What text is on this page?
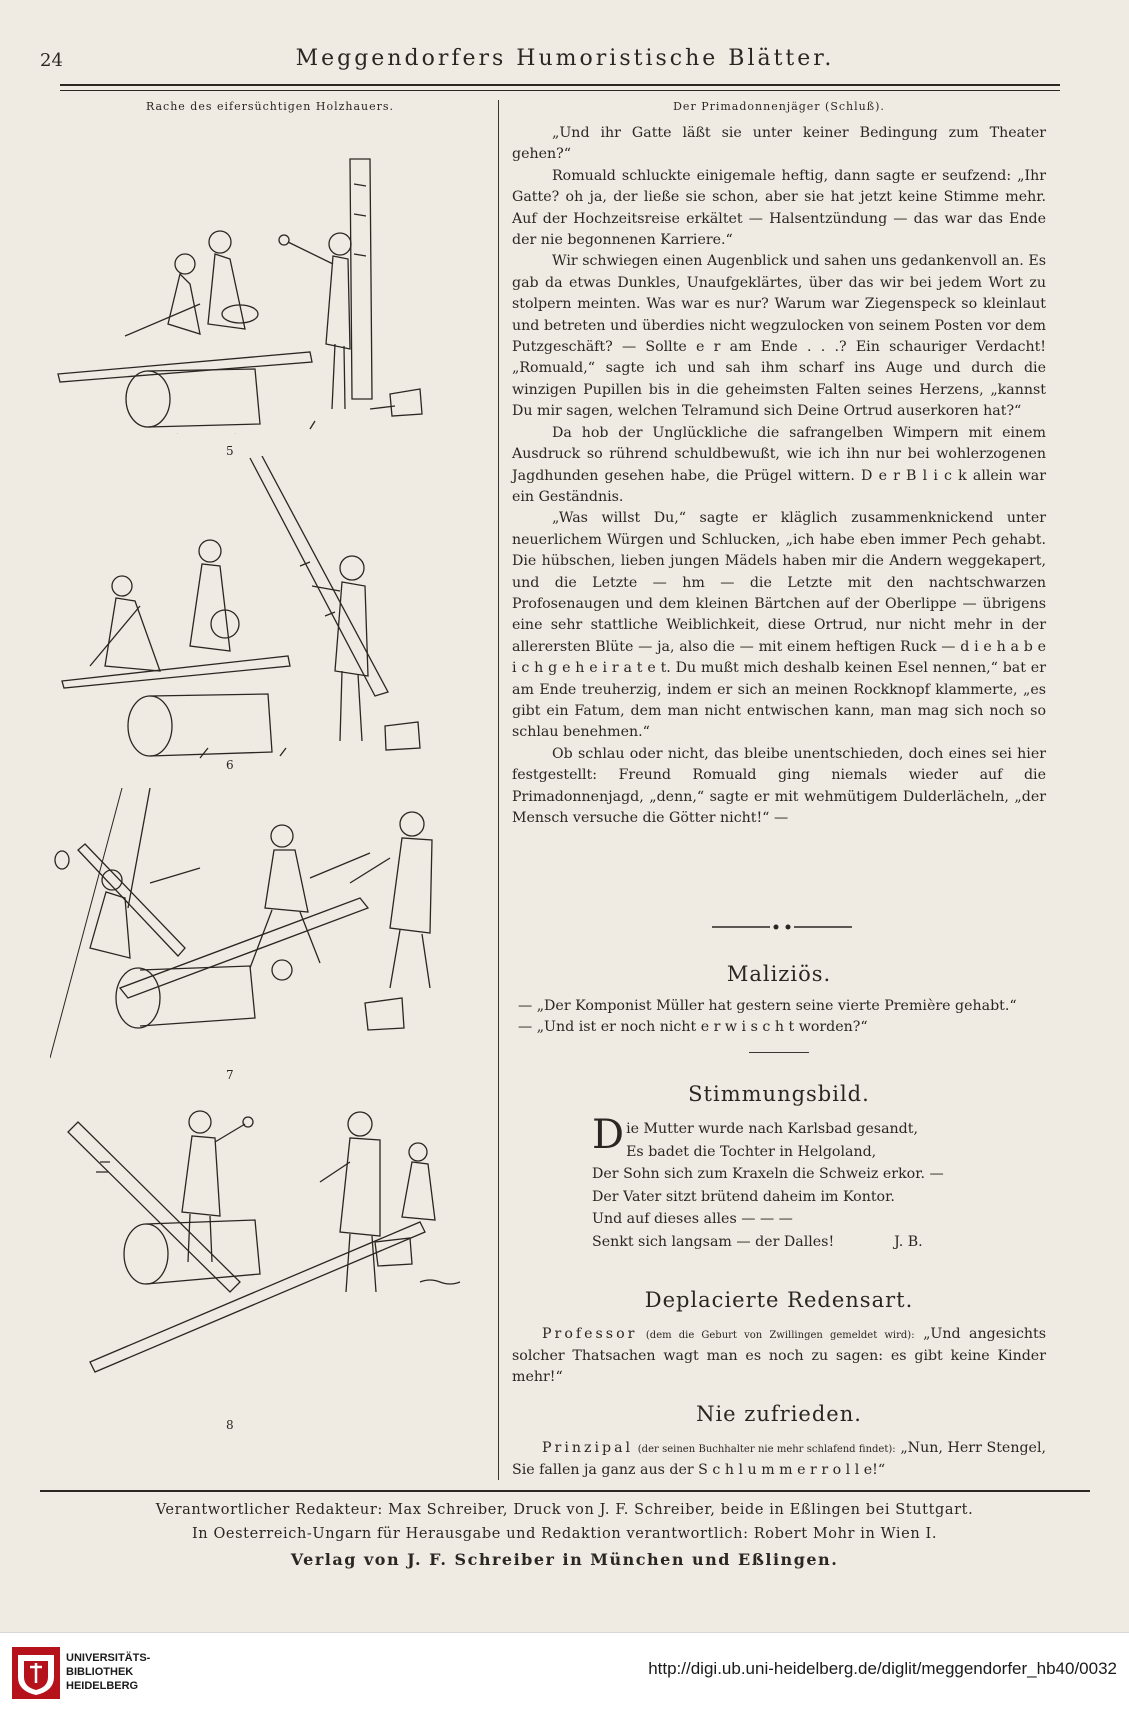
24	Meggendorfers Humoristische Blätter.
Rache des eifersüchtigen Holzhauers.
5
6
7
8
Der Primadonnenjäger (Schluß).

„Und ihr Gatte läßt sie unter keiner Bedingung zum Theater gehen?“

Romuald schluckte einigemale heftig, dann sagte er seufzend: „Ihr Gatte? oh ja, der ließe sie schon, aber sie hat jetzt keine Stimme mehr. Auf der Hochzeitsreise erkältet — Halsentzündung — das war das Ende der nie begonnenen Karriere.“

Wir schwiegen einen Augenblick und sahen uns gedankenvoll an. Es gab da etwas Dunkles, Unaufgeklärtes, über das wir bei jedem Wort zu stolpern meinten. Was war es nur? Warum war Ziegenspeck so kleinlaut und betreten und überdies nicht wegzulocken von seinem Posten vor dem Putzgeschäft? — Sollte e r am Ende . . .? Ein schauriger Verdacht! „Romuald,“ sagte ich und sah ihm scharf ins Auge und durch die winzigen Pupillen bis in die geheimsten Falten seines Herzens, „kannst Du mir sagen, welchen Telramund sich Deine Ortrud auserkoren hat?“

Da hob der Unglückliche die safrangelben Wimpern mit einem Ausdruck so rührend schuldbewußt, wie ich ihn nur bei wohlerzogenen Jagdhunden gesehen habe, die Prügel wittern. D e r B l i c k allein war ein Geständnis.

„Was willst Du,“ sagte er kläglich zusammenknickend unter neuerlichem Würgen und Schlucken, „ich habe eben immer Pech gehabt. Die hübschen, lieben jungen Mädels haben mir die Andern weggekapert, und die Letzte — hm — die Letzte mit den nachtschwarzen Profosenaugen und dem kleinen Bärtchen auf der Oberlippe — übrigens eine sehr stattliche Weiblichkeit, diese Ortrud, nur nicht mehr in der allerersten Blüte — ja, also die — mit einem heftigen Ruck — d i e h a b e i c h g e h e i r a t e t. Du mußt mich deshalb keinen Esel nennen,“ bat er am Ende treuherzig, indem er sich an meinen Rockknopf klammerte, „es gibt ein Fatum, dem man nicht entwischen kann, man mag sich noch so schlau benehmen.“

Ob schlau oder nicht, das bleibe unentschieden, doch eines sei hier festgestellt: Freund Romuald ging niemals wieder auf die Primadonnenjagd, „denn,“ sagte er mit wehmütigem Dulderlächeln, „der Mensch versuche die Götter nicht!“ —

Maliziös.
— „Der Komponist Müller hat gestern seine vierte Première gehabt.“
— „Und ist er noch nicht e r w i s c h t worden?“
Stimmungsbild.
Die Mutter wurde nach Karlsbad gesandt,
Es badet die Tochter in Helgoland,
Der Sohn sich zum Kraxeln die Schweiz erkor. —
Der Vater sitzt brütend daheim im Kontor.
Und auf dieses alles — — —
Senkt sich langsam — der Dalles!	J. B.
Deplacierte Redensart.
Professor (dem die Geburt von Zwillingen gemeldet wird): „Und angesichts solcher Thatsachen wagt man es noch zu sagen: es gibt keine Kinder mehr!“
Nie zufrieden.
Prinzipal (der seinen Buchhalter nie mehr schlafend findet): „Nun, Herr Stengel, Sie fallen ja ganz aus der S c h l u m m e r r o l l e!“
Verantwortlicher Redakteur: Max Schreiber, Druck von J. F. Schreiber, beide in Eßlingen bei Stuttgart.
In Oesterreich-Ungarn für Herausgabe und Redaktion verantwortlich: Robert Mohr in Wien I.
Verlag von J. F. Schreiber in München und Eßlingen.
UNIVERSITÄTS-
BIBLIOTHEK
HEIDELBERG
http://digi.ub.uni-heidelberg.de/diglit/meggendorfer_hb40/0032
